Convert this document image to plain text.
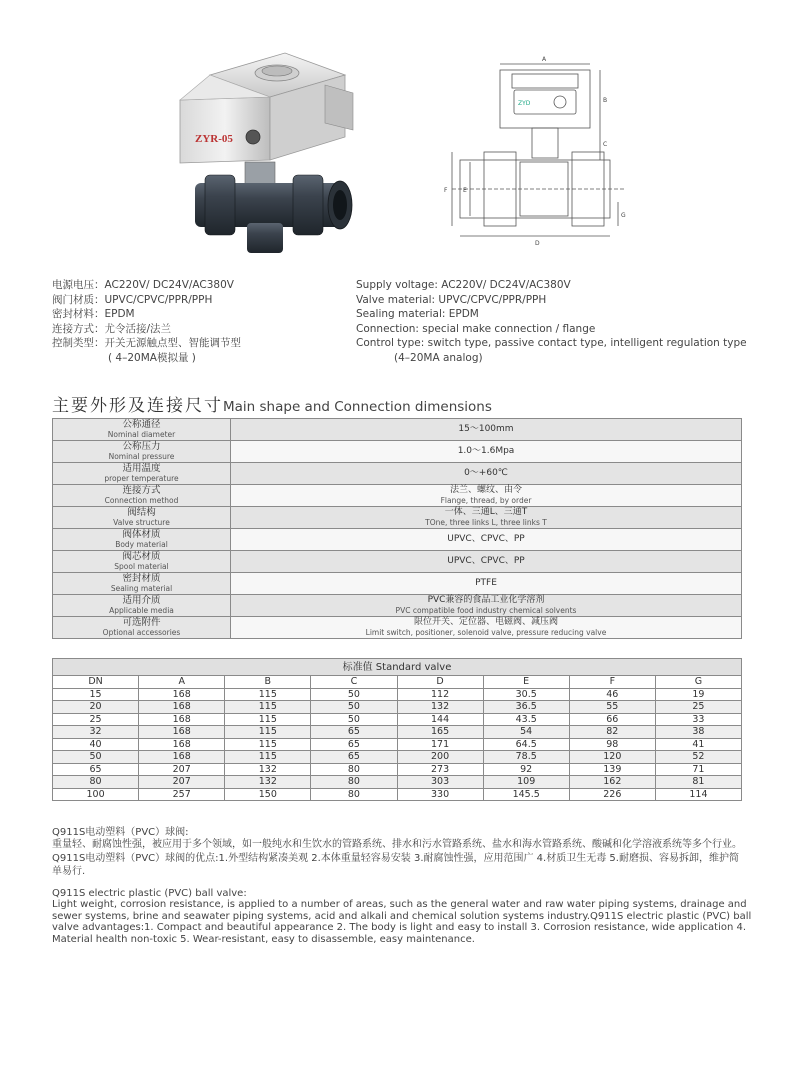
ZYR-05
A
ZYD	B
C
E
F
G
D
电源电压：AC220V/ DC24V/AC380V
阀门材质：UPVC/CPVC/PPR/PPH
密封材料：EPDM
连接方式：尤令活接/法兰
控制类型：开关无源触点型、智能调节型
( 4–20MA模拟量 )
Supply voltage: AC220V/ DC24V/AC380V
Valve material: UPVC/CPVC/PPR/PPH
Sealing material: EPDM
Connection: special make connection / flange
Control type: switch type, passive contact type, intelligent regulation type
(4–20MA analog)
主要外形及连接尺寸Main shape and Connection dimensions
公称通径
Nominal diameter	15～100mm

公称压力
Nominal pressure	1.0～1.6Mpa

适用温度
proper temperature	0～+60℃

连接方式
Connection method	法兰、螺纹、由令
Flange, thread, by order

阀结构
Valve structure	一体、三通L、三通T
TOne, three links L, three links T

阀体材质
Body material	UPVC、CPVC、PP

阀芯材质
Spool material	UPVC、CPVC、PP

密封材质
Sealing material	PTFE

适用介质
Applicable media	PVC兼容的食品工业化学溶剂
PVC compatible food industry chemical solvents

可选附件
Optional accessories	限位开关、定位器、电磁阀、减压阀
Limit switch, positioner, solenoid valve, pressure reducing valve
标准值 Standard valve							
DN	A	B	C	D	E	F	G
15	168	115	50	112	30.5	46	19
20	168	115	50	132	36.5	55	25
25	168	115	50	144	43.5	66	33
32	168	115	65	165	54	82	38
40	168	115	65	171	64.5	98	41
50	168	115	65	200	78.5	120	52
65	207	132	80	273	92	139	71
80	207	132	80	303	109	162	81
100	257	150	80	330	145.5	226	114
Q911S电动塑料（PVC）球阀:
重量轻、耐腐蚀性强，被应用于多个领域，如一般纯水和生饮水的管路系统、排水和污水管路系统、盐水和海水管路系统、酸碱和化学溶液系统等多个行业。Q911S电动塑料（PVC）球阀的优点:1.外型结构紧凑美观 2.本体重量轻容易安装 3.耐腐蚀性强，应用范围广 4.材质卫生无毒 5.耐磨损、容易拆卸，维护简单易行.
Q911S electric plastic (PVC) ball valve:
Light weight, corrosion resistance, is applied to a number of areas, such as the general water and raw water piping systems, drainage and sewer systems, brine and seawater piping systems, acid and alkali and chemical solution systems industry.Q911S electric plastic (PVC) ball valve advantages:1. Compact and beautiful appearance 2. The body is light and easy to install 3. Corrosion resistance, wide application 4. Material health non-toxic 5. Wear-resistant, easy to disassemble, easy maintenance.
